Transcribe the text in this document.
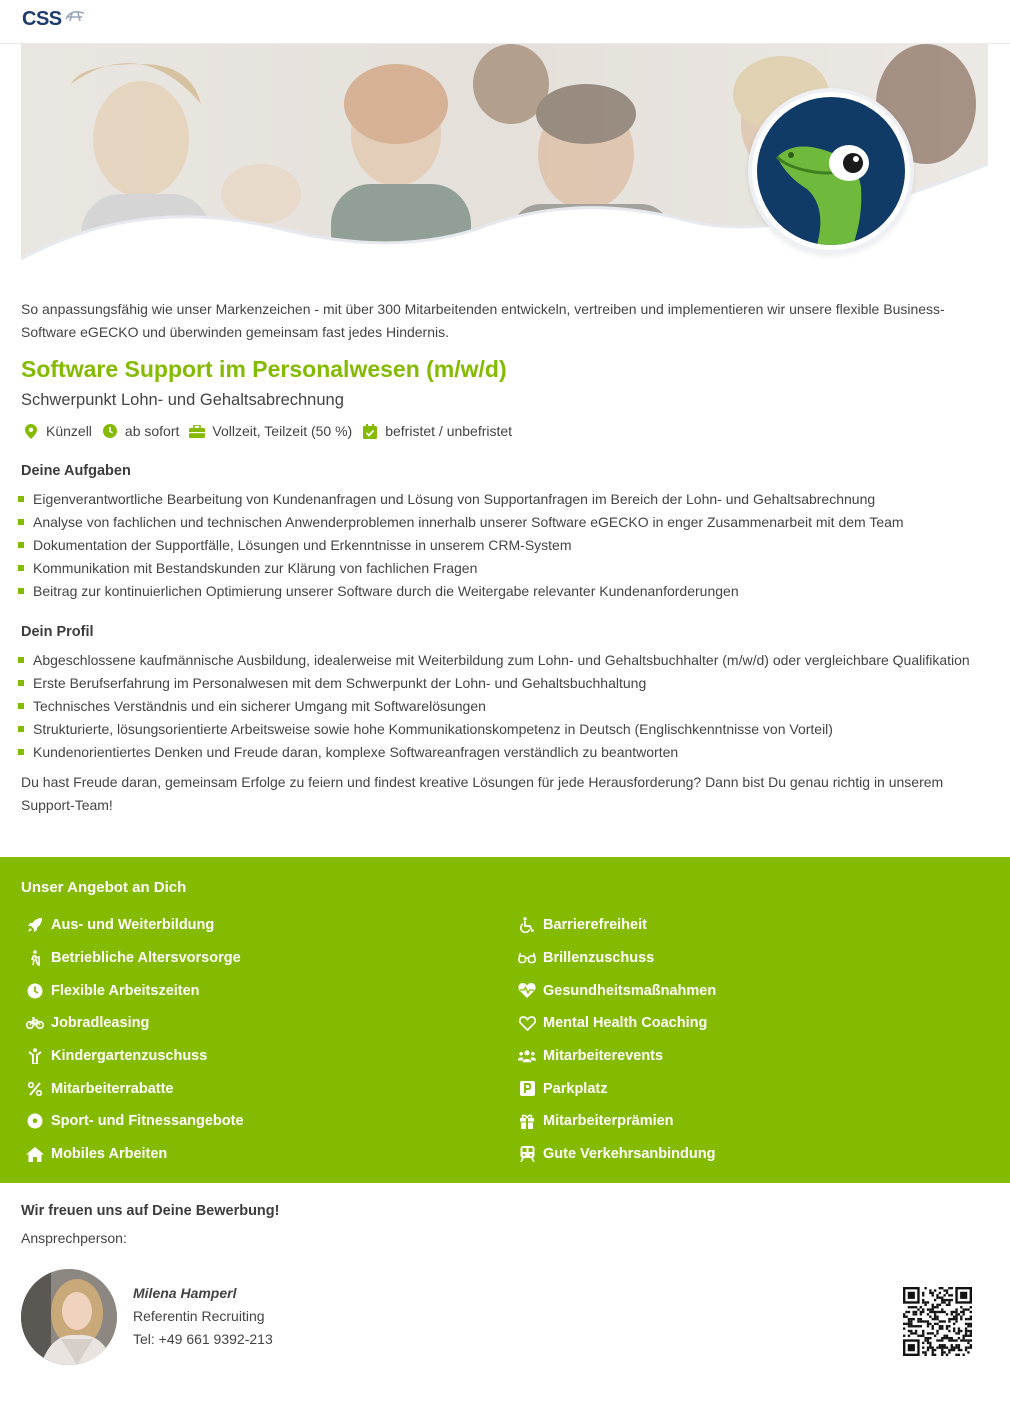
CSS

So anpassungsfähig wie unser Markenzeichen - mit über 300 Mitarbeitenden entwickeln, vertreiben und implementieren wir unsere flexible Business-Software eGECKO und überwinden gemeinsam fast jedes Hindernis.

Software Support im Personalwesen (m/w/d)
Schwerpunkt Lohn- und Gehaltsabrechnung
Künzell ab sofort Vollzeit, Teilzeit (50 %) befristet / unbefristet
Deine Aufgaben
Eigenverantwortliche Bearbeitung von Kundenanfragen und Lösung von Supportanfragen im Bereich der Lohn- und Gehaltsabrechnung
Analyse von fachlichen und technischen Anwenderproblemen innerhalb unserer Software eGECKO in enger Zusammenarbeit mit dem Team
Dokumentation der Supportfälle, Lösungen und Erkenntnisse in unserem CRM-System
Kommunikation mit Bestandskunden zur Klärung von fachlichen Fragen
Beitrag zur kontinuierlichen Optimierung unserer Software durch die Weitergabe relevanter Kundenanforderungen
Dein Profil
Abgeschlossene kaufmännische Ausbildung, idealerweise mit Weiterbildung zum Lohn- und Gehaltsbuchhalter (m/w/d) oder vergleichbare Qualifikation
Erste Berufserfahrung im Personalwesen mit dem Schwerpunkt der Lohn- und Gehaltsbuchhaltung
Technisches Verständnis und ein sicherer Umgang mit Softwarelösungen
Strukturierte, lösungsorientierte Arbeitsweise sowie hohe Kommunikationskompetenz in Deutsch (Englischkenntnisse von Vorteil)
Kundenorientiertes Denken und Freude daran, komplexe Softwareanfragen verständlich zu beantworten

Du hast Freude daran, gemeinsam Erfolge zu feiern und findest kreative Lösungen für jede Herausforderung? Dann bist Du genau richtig in unserem Support-Team!

Unser Angebot an Dich
Aus- und Weiterbildung
Betriebliche Altersvorsorge
Flexible Arbeitszeiten
Jobradleasing
Kindergartenzuschuss
Mitarbeiterrabatte
Sport- und Fitnessangebote
Mobiles Arbeiten
Barrierefreiheit
Brillenzuschuss
Gesundheitsmaßnahmen
Mental Health Coaching
Mitarbeiterevents
Parkplatz
Mitarbeiterprämien
Gute Verkehrsanbindung
Wir freuen uns auf Deine Bewerbung!
Ansprechperson:
Milena Hamperl
Referentin Recruiting
Tel: +49 661 9392-213
